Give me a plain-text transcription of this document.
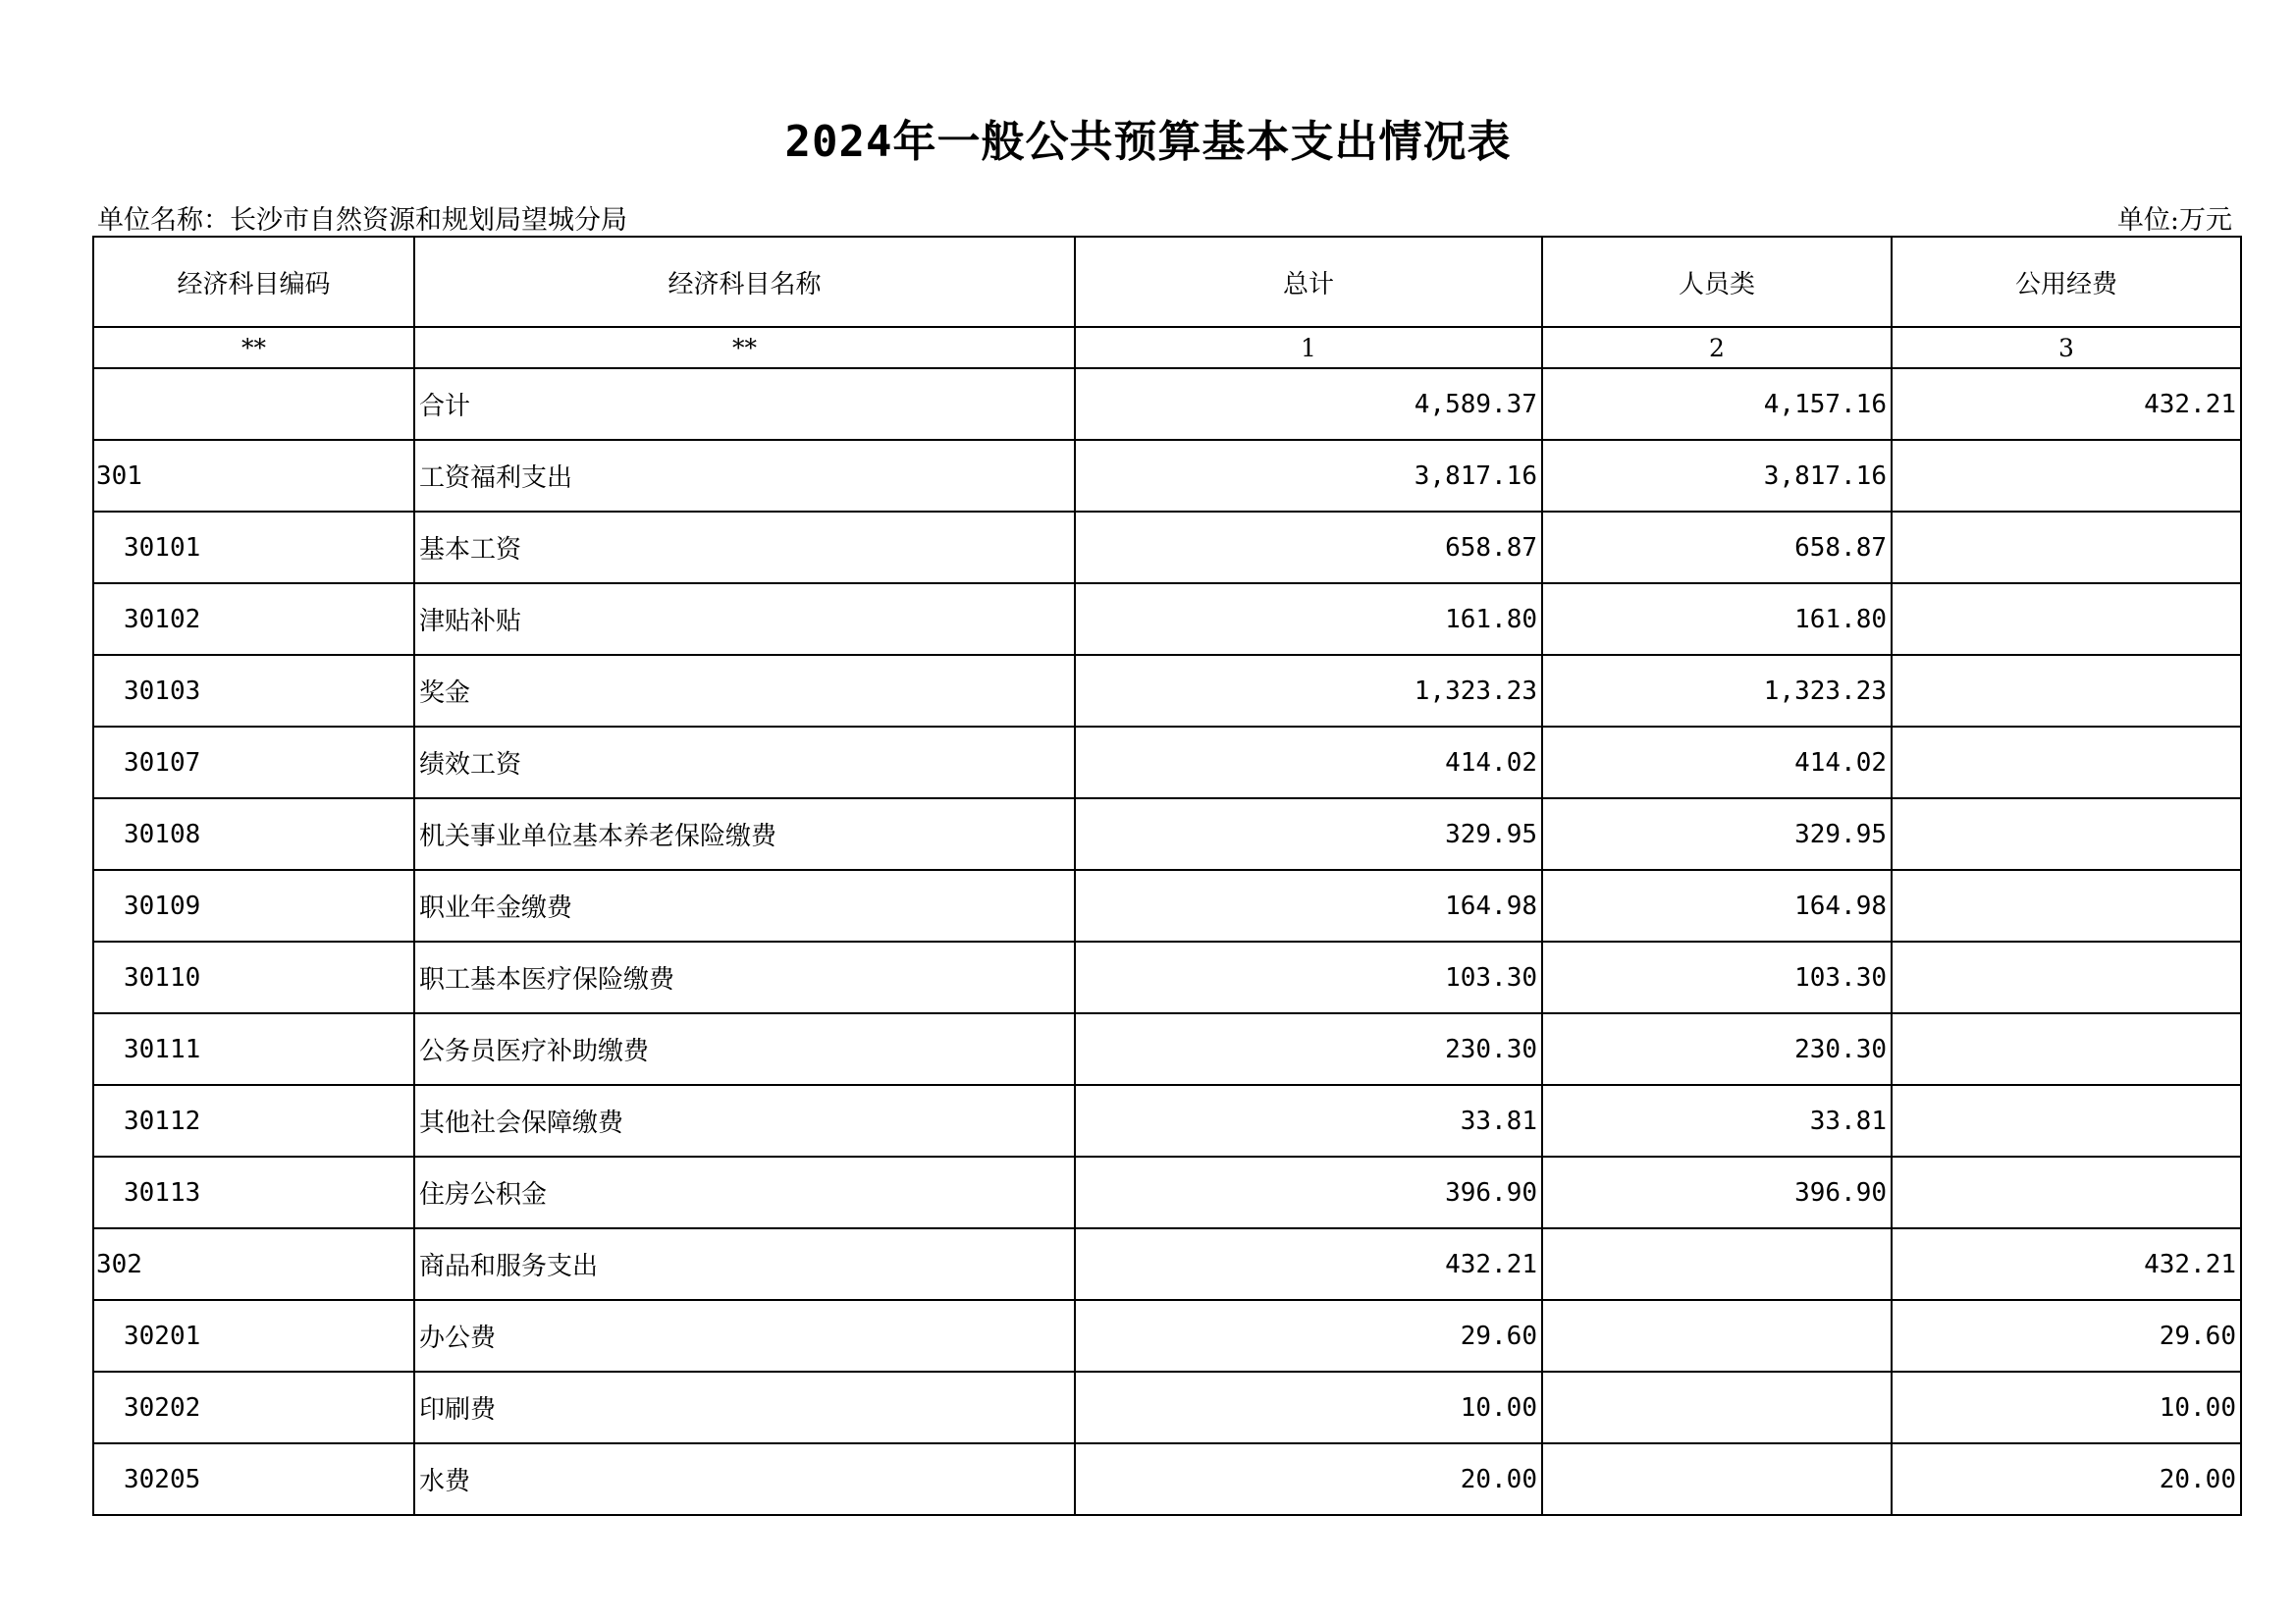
2024年一般公共预算基本支出情况表
单位名称：长沙市自然资源和规划局望城分局	单位:万元
经济科目编码	经济科目名称	总计	人员类	公用经费
**	**	1	2	3
	合计	4,589.37	4,157.16	432.21
301	工资福利支出	3,817.16	3,817.16	
30101	基本工资	658.87	658.87	
30102	津贴补贴	161.80	161.80	
30103	奖金	1,323.23	1,323.23	
30107	绩效工资	414.02	414.02	
30108	机关事业单位基本养老保险缴费	329.95	329.95	
30109	职业年金缴费	164.98	164.98	
30110	职工基本医疗保险缴费	103.30	103.30	
30111	公务员医疗补助缴费	230.30	230.30	
30112	其他社会保障缴费	33.81	33.81	
30113	住房公积金	396.90	396.90	
302	商品和服务支出	432.21		432.21
30201	办公费	29.60		29.60
30202	印刷费	10.00		10.00
30205	水费	20.00		20.00
